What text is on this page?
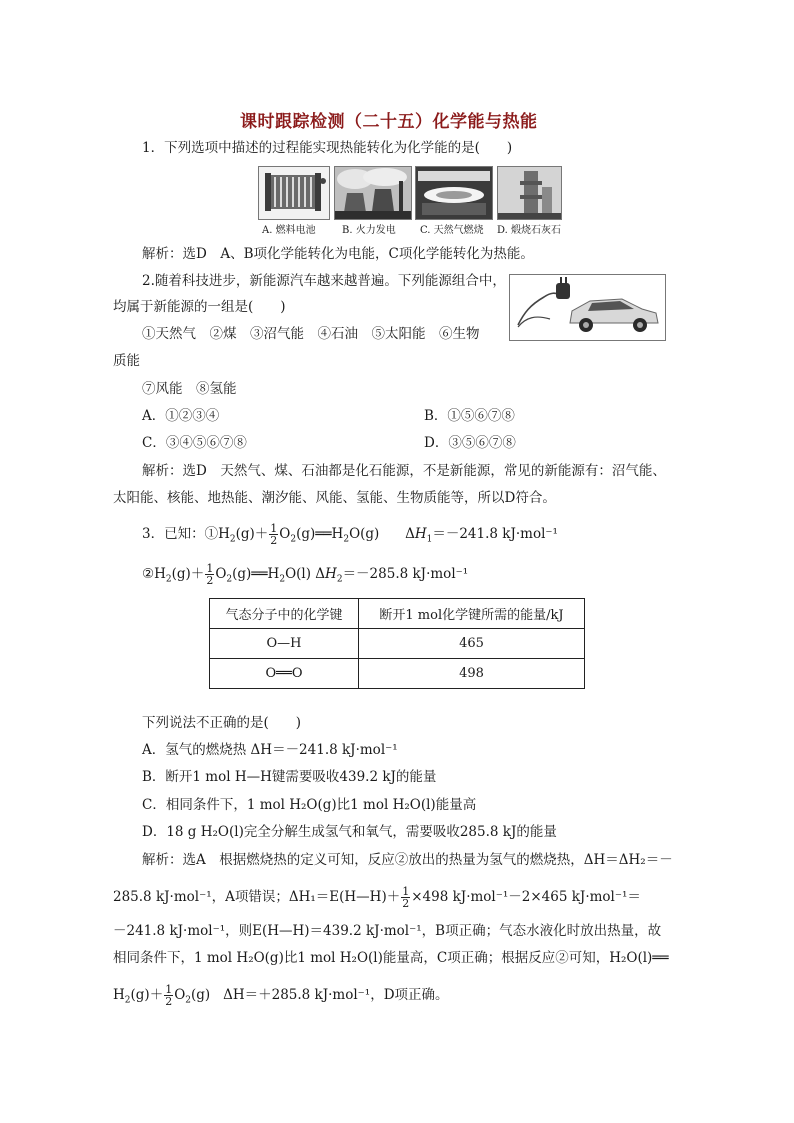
课时跟踪检测（二十五）化学能与热能
1．下列选项中描述的过程能实现热能转化为化学能的是(　　)
A. 燃料电池	B. 火力发电 C. 天然气燃烧 D. 煅烧石灰石
解析：选D　A、B项化学能转化为电能，C项化学能转化为热能。
2.随着科技进步，新能源汽车越来越普遍。下列能源组合中，
均属于新能源的一组是(　　)
①天然气　②煤　③沼气能　④石油　⑤太阳能　⑥生物
质能
⑦风能　⑧氢能
A．①②③④	B．①⑤⑥⑦⑧
C．③④⑤⑥⑦⑧	D．③⑤⑥⑦⑧
解析：选D　天然气、煤、石油都是化石能源，不是新能源，常见的新能源有：沼气能、
太阳能、核能、地热能、潮汐能、风能、氢能、生物质能等，所以D符合。
3．已知：$①H_2(g)+ \frac{1}{2}$ $O_2(g)══H_2O(g)$      $\Delta H_1=-241.8$ kJ·mol⁻¹
$②H_2(g)+ \frac{1}{2}$ $O_2(g)══H_2O(l)$ $\Delta H_2=-285.8$ kJ·mol⁻¹
气态分子中的化学键	断开1 mol化学键所需的能量/kJ
O—H	465
O══O	498
下列说法不正确的是(　　)
A．氢气的燃烧热 ΔH＝－241.8 kJ·mol⁻¹
B．断开1 mol H—H键需要吸收439.2 kJ的能量
C．相同条件下，1 mol H₂O(g)比1 mol H₂O(l)能量高
D．18 g H₂O(l)完全分解生成氢气和氧气，需要吸收285.8 kJ的能量
解析：选A　根据燃烧热的定义可知，反应②放出的热量为氢气的燃烧热，ΔH＝ΔH₂＝－
285.8 kJ·mol⁻¹，A项错误；ΔH₁＝E(H—H)＋ $\frac{1}{2} \times 498$ kJ·mol⁻¹－2×465 kJ·mol⁻¹＝
－241.8 kJ·mol⁻¹，则E(H—H)＝439.2 kJ·mol⁻¹，B项正确；气态水液化时放出热量，故
相同条件下，1 mol H₂O(g)比1 mol H₂O(l)能量高，C项正确；根据反应②可知，H₂O(l)══
$H_2(g)+ \frac{1}{2} O_2(g)$   ΔH＝＋285.8 kJ·mol⁻¹，D项正确。
